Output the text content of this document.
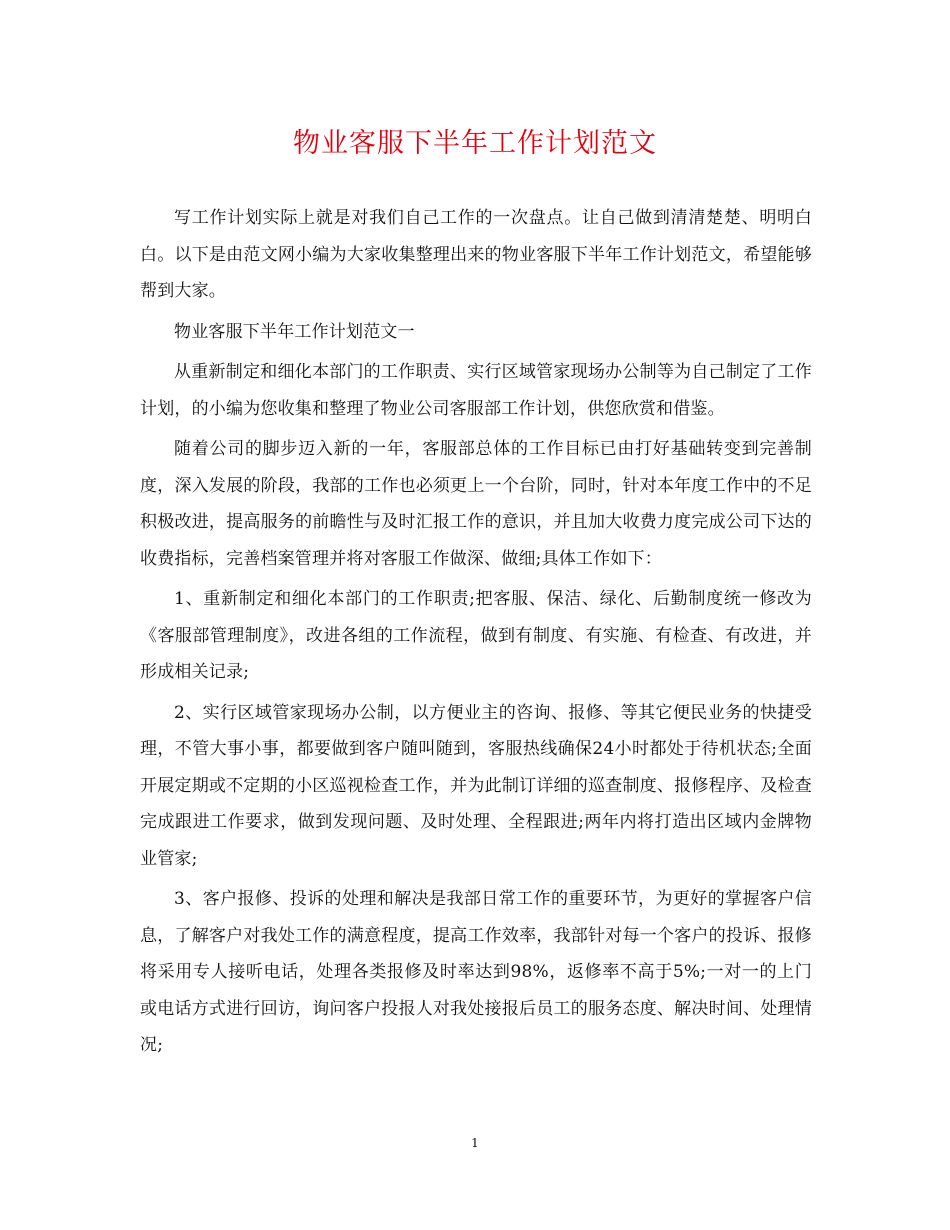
物业客服下半年工作计划范文

写工作计划实际上就是对我们自己工作的一次盘点。让自己做到清清楚楚、明明白白。以下是由范文网小编为大家收集整理出来的物业客服下半年工作计划范文，希望能够帮到大家。

物业客服下半年工作计划范文一

从重新制定和细化本部门的工作职责、实行区域管家现场办公制等为自己制定了工作计划，的小编为您收集和整理了物业公司客服部工作计划，供您欣赏和借鉴。

随着公司的脚步迈入新的一年，客服部总体的工作目标已由打好基础转变到完善制度，深入发展的阶段，我部的工作也必须更上一个台阶，同时，针对本年度工作中的不足积极改进，提高服务的前瞻性与及时汇报工作的意识，并且加大收费力度完成公司下达的收费指标，完善档案管理并将对客服工作做深、做细;具体工作如下：

1、重新制定和细化本部门的工作职责;把客服、保洁、绿化、后勤制度统一修改为《客服部管理制度》，改进各组的工作流程，做到有制度、有实施、有检查、有改进，并形成相关记录;

2、实行区域管家现场办公制，以方便业主的咨询、报修、等其它便民业务的快捷受理，不管大事小事，都要做到客户随叫随到，客服热线确保24小时都处于待机状态;全面开展定期或不定期的小区巡视检查工作，并为此制订详细的巡查制度、报修程序、及检查完成跟进工作要求，做到发现问题、及时处理、全程跟进;两年内将打造出区域内金牌物业管家;

3、客户报修、投诉的处理和解决是我部日常工作的重要环节，为更好的掌握客户信息，了解客户对我处工作的满意程度，提高工作效率，我部针对每一个客户的投诉、报修将采用专人接听电话，处理各类报修及时率达到98%，返修率不高于5%;一对一的上门或电话方式进行回访，询问客户投报人对我处接报后员工的服务态度、解决时间、处理情况;

1
